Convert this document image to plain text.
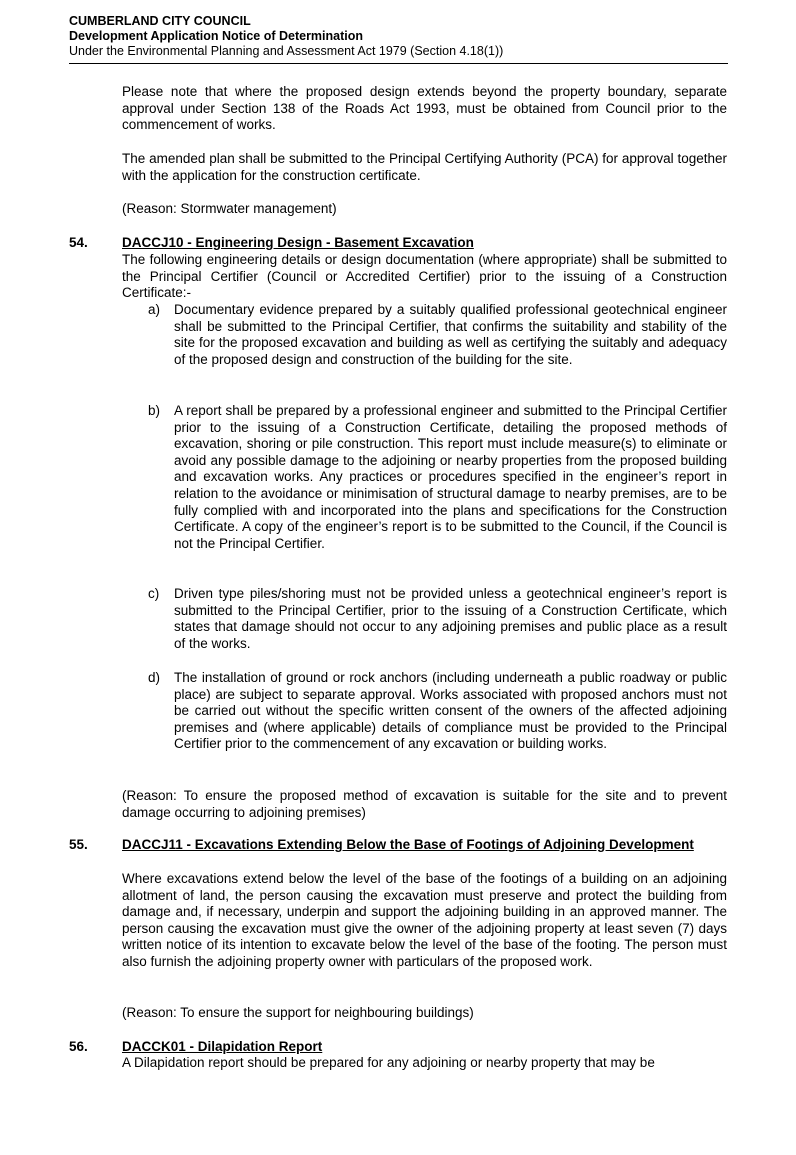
CUMBERLAND CITY COUNCIL
Development Application Notice of Determination
Under the Environmental Planning and Assessment Act 1979 (Section 4.18(1))

Please note that where the proposed design extends beyond the property boundary, separate approval under Section 138 of the Roads Act 1993, must be obtained from Council prior to the commencement of works.

The amended plan shall be submitted to the Principal Certifying Authority (PCA) for approval together with the application for the construction certificate.

(Reason: Stormwater management)

54.	DACCJ10 - Engineering Design - Basement Excavation

The following engineering details or design documentation (where appropriate) shall be submitted to the Principal Certifier (Council or Accredited Certifier) prior to the issuing of a Construction Certificate:-

a) Documentary evidence prepared by a suitably qualified professional geotechnical engineer shall be submitted to the Principal Certifier, that confirms the suitability and stability of the site for the proposed excavation and building as well as certifying the suitably and adequacy of the proposed design and construction of the building for the site.
b) A report shall be prepared by a professional engineer and submitted to the Principal Certifier prior to the issuing of a Construction Certificate, detailing the proposed methods of excavation, shoring or pile construction. This report must include measure(s) to eliminate or avoid any possible damage to the adjoining or nearby properties from the proposed building and excavation works. Any practices or procedures specified in the engineer’s report in relation to the avoidance or minimisation of structural damage to nearby premises, are to be fully complied with and incorporated into the plans and specifications for the Construction Certificate. A copy of the engineer’s report is to be submitted to the Council, if the Council is not the Principal Certifier.
c) Driven type piles/shoring must not be provided unless a geotechnical engineer’s report is submitted to the Principal Certifier, prior to the issuing of a Construction Certificate, which states that damage should not occur to any adjoining premises and public place as a result of the works.
d) The installation of ground or rock anchors (including underneath a public roadway or public place) are subject to separate approval. Works associated with proposed anchors must not be carried out without the specific written consent of the owners of the affected adjoining premises and (where applicable) details of compliance must be provided to the Principal Certifier prior to the commencement of any excavation or building works.

(Reason: To ensure the proposed method of excavation is suitable for the site and to prevent damage occurring to adjoining premises)

55.	DACCJ11 - Excavations Extending Below the Base of Footings of Adjoining Development

Where excavations extend below the level of the base of the footings of a building on an adjoining allotment of land, the person causing the excavation must preserve and protect the building from damage and, if necessary, underpin and support the adjoining building in an approved manner. The person causing the excavation must give the owner of the adjoining property at least seven (7) days written notice of its intention to excavate below the level of the base of the footing. The person must also furnish the adjoining property owner with particulars of the proposed work.

(Reason: To ensure the support for neighbouring buildings)

56.	DACCK01 - Dilapidation Report

A Dilapidation report should be prepared for any adjoining or nearby property that may be
